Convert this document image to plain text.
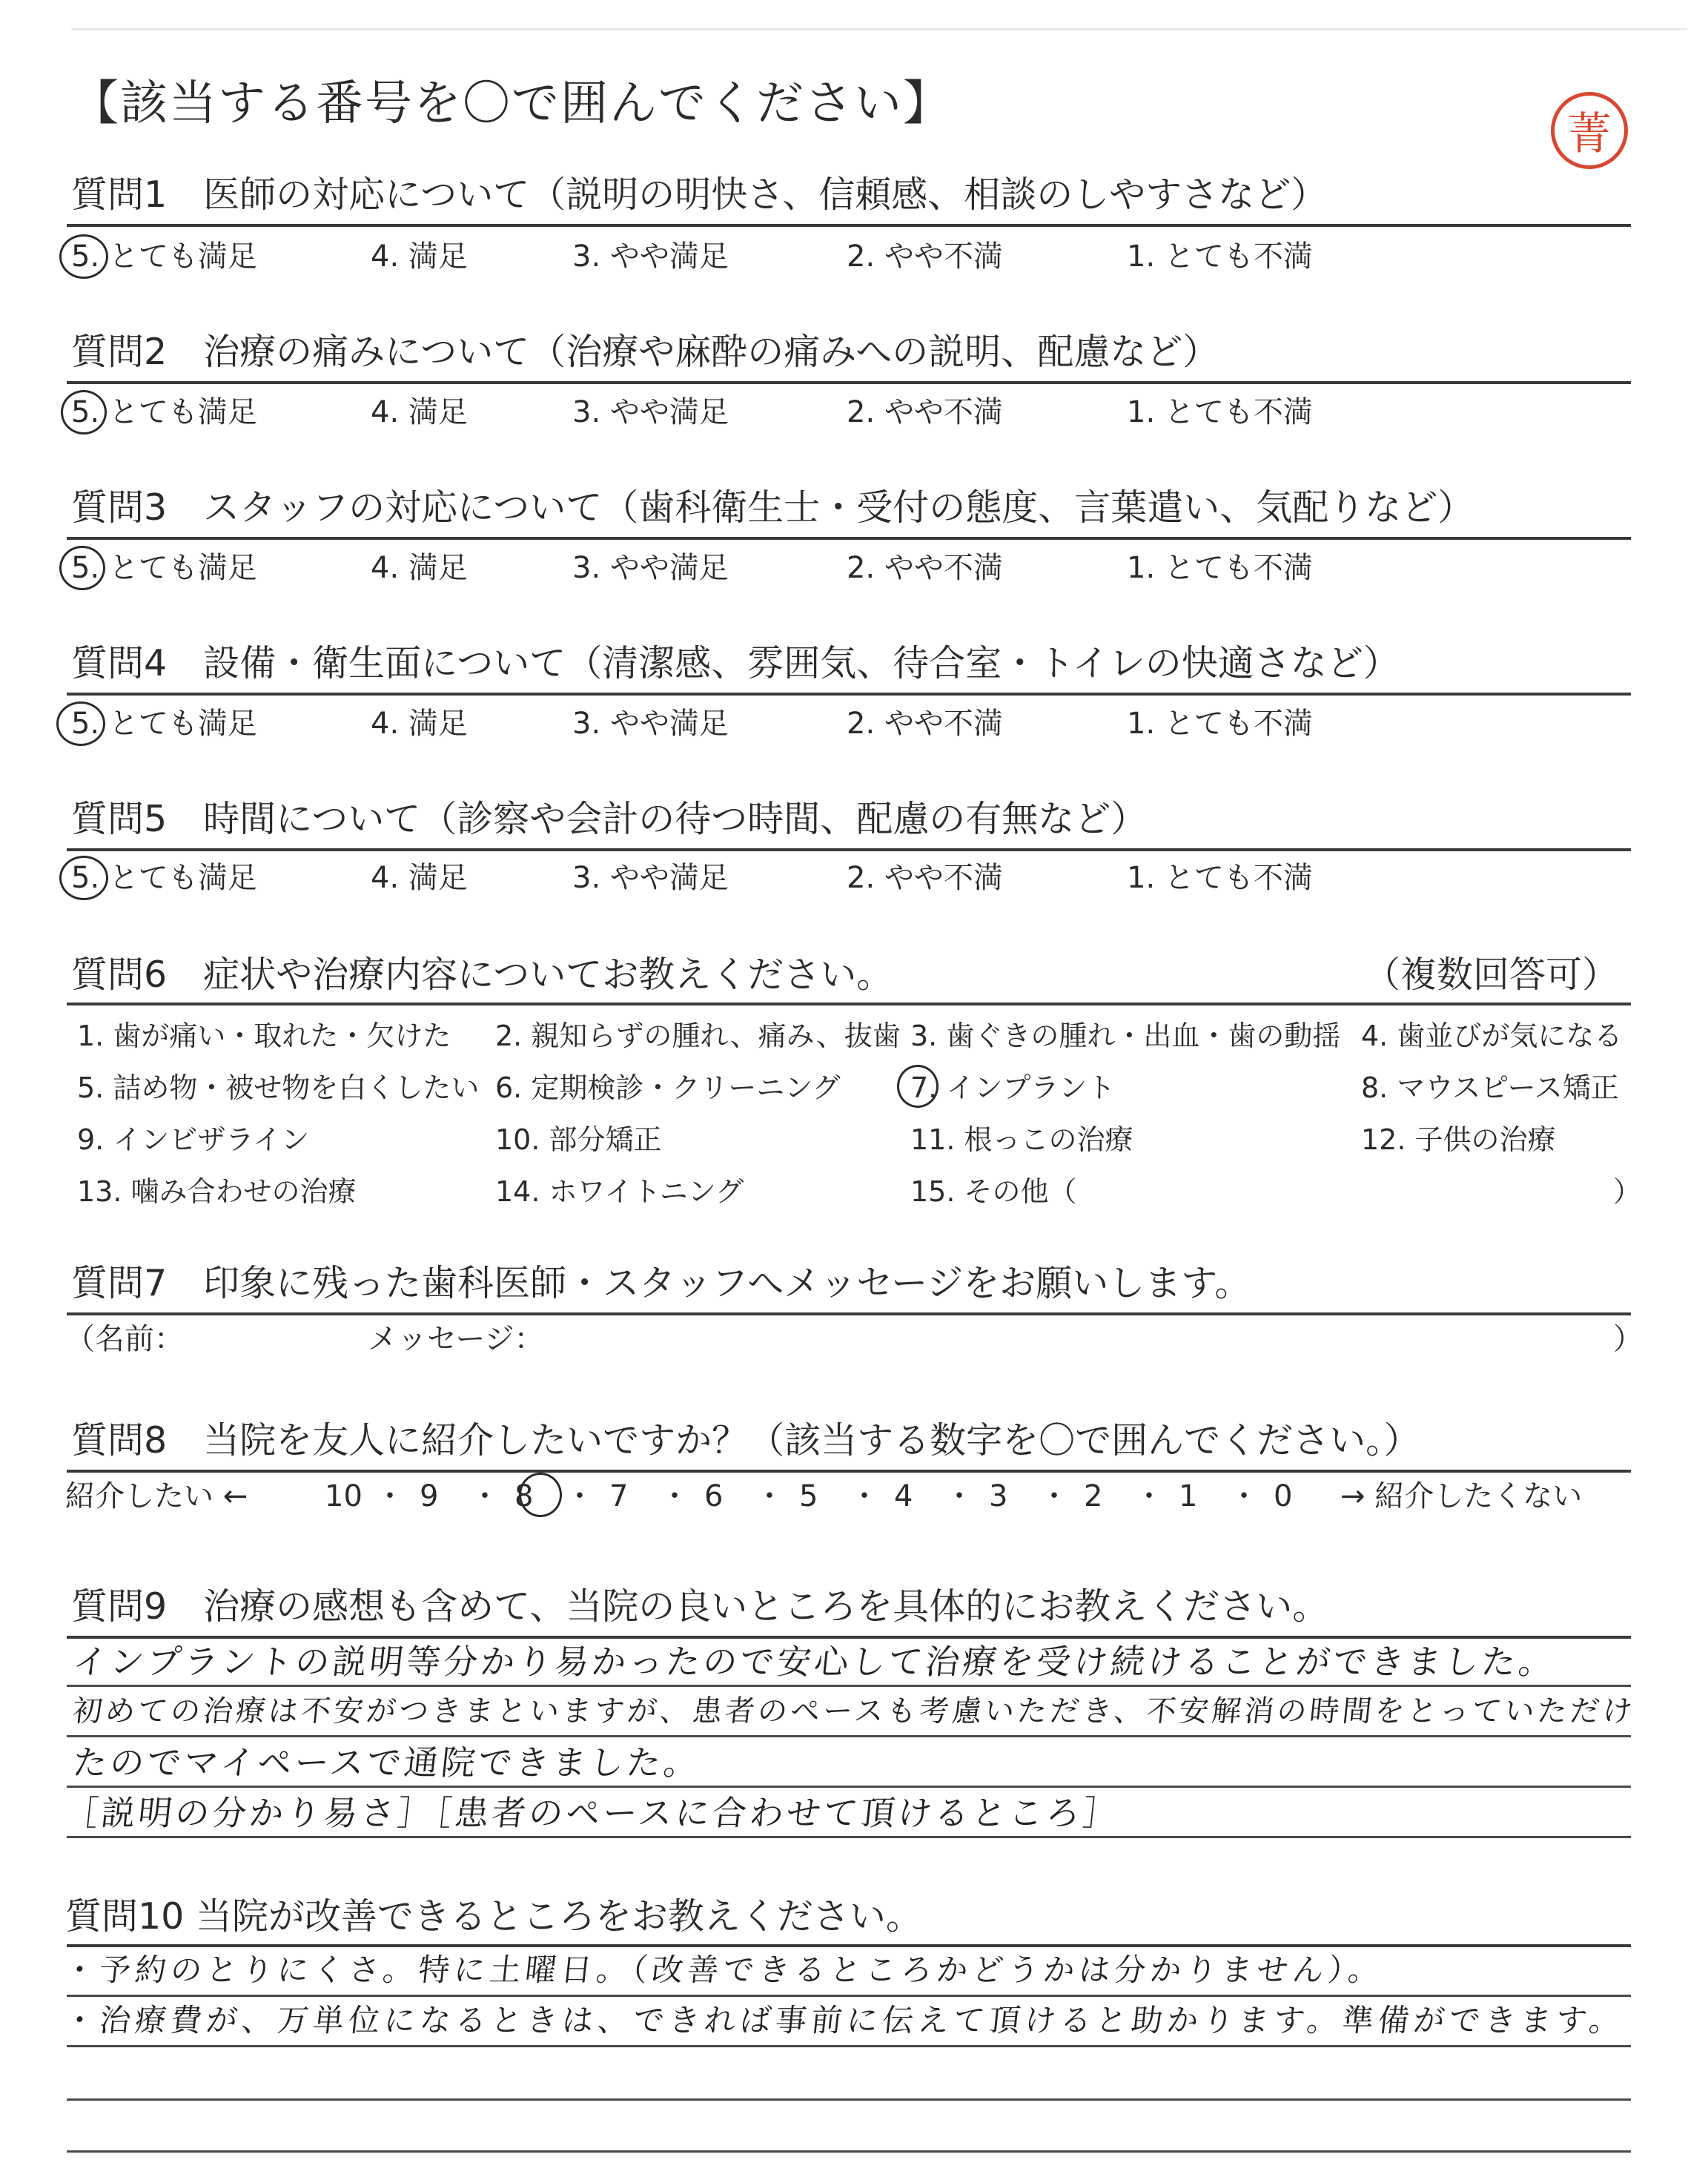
【該当する番号を〇で囲んでください】
菁
質問1　医師の対応について（説明の明快さ、信頼感、相談のしやすさなど）
5. とても満足	4. 満足	3. やや満足	2. やや不満	1. とても不満
質問2　治療の痛みについて（治療や麻酔の痛みへの説明、配慮など）
5. とても満足	4. 満足	3. やや満足	2. やや不満	1. とても不満
質問3　スタッフの対応について（歯科衛生士・受付の態度、言葉遣い、気配りなど）
5. とても満足	4. 満足	3. やや満足	2. やや不満	1. とても不満
質問4　設備・衛生面について（清潔感、雰囲気、待合室・トイレの快適さなど）
5. とても満足	4. 満足	3. やや満足	2. やや不満	1. とても不満
質問5　時間について（診察や会計の待つ時間、配慮の有無など）
5. とても満足	4. 満足	3. やや満足	2. やや不満	1. とても不満
質問6　症状や治療内容についてお教えください。	（複数回答可）
1. 歯が痛い・取れた・欠けた 2. 親知らずの腫れ、痛み、抜歯 3. 歯ぐきの腫れ・出血・歯の動揺 4. 歯並びが気になる
5. 詰め物・被せ物を白くしたい 6. 定期検診・クリーニング 7. インプラント	8. マウスピース矯正
9. インビザライン	10. 部分矯正	11. 根っこの治療	12. 子供の治療
13. 噛み合わせの治療	14. ホワイトニング	15. その他（	）
質問7　印象に残った歯科医師・スタッフへメッセージをお願いします。
（名前：	メッセージ：	）
質問8　当院を友人に紹介したいですか？（該当する数字を〇で囲んでください。）
紹介したい ←	10 ・ 9 ・ 8 ・ 7 ・ 6 ・ 5 ・ 4 ・ 3 ・ 2 ・ 1 ・ 0 → 紹介したくない
質問9　治療の感想も含めて、当院の良いところを具体的にお教えください。
インプラントの説明等分かり易かったので安心して治療を受け続けることができました。
初めての治療は不安がつきまといますが、患者のペースも考慮いただき、不安解消の時間をとっていただけ
たのでマイペースで通院できました。
［説明の分かり易さ］［患者のペースに合わせて頂けるところ］
質問10 当院が改善できるところをお教えください。
・予約のとりにくさ。特に土曜日。（改善できるところかどうかは分かりません）。
・治療費が、万単位になるときは、できれば事前に伝えて頂けると助かります。準備ができます。
